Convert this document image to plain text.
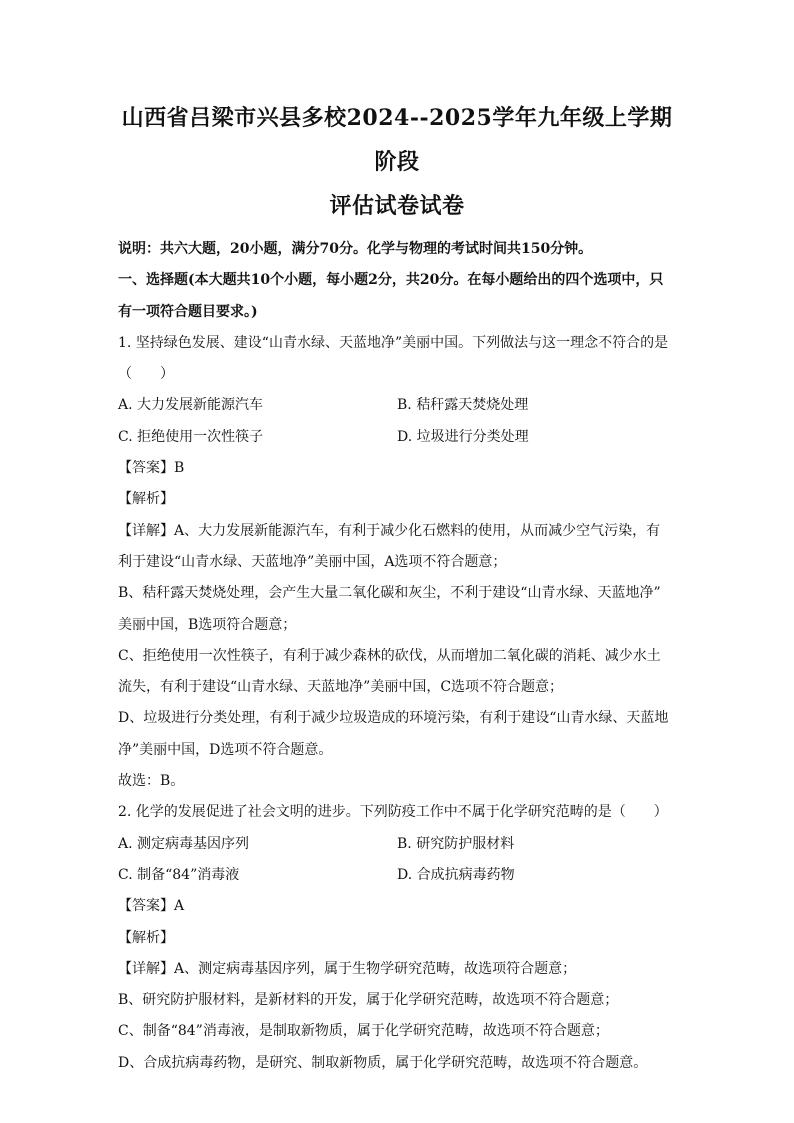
山西省吕梁市兴县多校2024--2025学年九年级上学期阶段
评估试卷试卷
说明：共六大题，20小题，满分70分。化学与物理的考试时间共150分钟。
一、选择题(本大题共10个小题，每小题2分，共20分。在每小题给出的四个选项中，只
有一项符合题目要求。)
1. 坚持绿色发展、建设“山青水绿、天蓝地净”美丽中国。下列做法与这一理念不符合的是
（　　）
A. 大力发展新能源汽车	B. 秸秆露天焚烧处理
C. 拒绝使用一次性筷子	D. 垃圾进行分类处理
【答案】B
【解析】
【详解】A、大力发展新能源汽车，有利于减少化石燃料的使用，从而减少空气污染，有
利于建设“山青水绿、天蓝地净”美丽中国，A选项不符合题意；
B、秸秆露天焚烧处理，会产生大量二氧化碳和灰尘，不利于建设“山青水绿、天蓝地净”
美丽中国，B选项符合题意；
C、拒绝使用一次性筷子，有利于减少森林的砍伐，从而增加二氧化碳的消耗、减少水土
流失，有利于建设“山青水绿、天蓝地净”美丽中国，C选项不符合题意；
D、垃圾进行分类处理，有利于减少垃圾造成的环境污染，有利于建设“山青水绿、天蓝地
净”美丽中国，D选项不符合题意。
故选：B。
2. 化学的发展促进了社会文明的进步。下列防疫工作中不属于化学研究范畴的是（　　）
A. 测定病毒基因序列	B. 研究防护服材料
C. 制备“84”消毒液	D. 合成抗病毒药物
【答案】A
【解析】
【详解】A、测定病毒基因序列，属于生物学研究范畴，故选项符合题意；
B、研究防护服材料，是新材料的开发，属于化学研究范畴，故选项不符合题意；
C、制备“84”消毒液，是制取新物质，属于化学研究范畴，故选项不符合题意；
D、合成抗病毒药物，是研究、制取新物质，属于化学研究范畴，故选项不符合题意。
